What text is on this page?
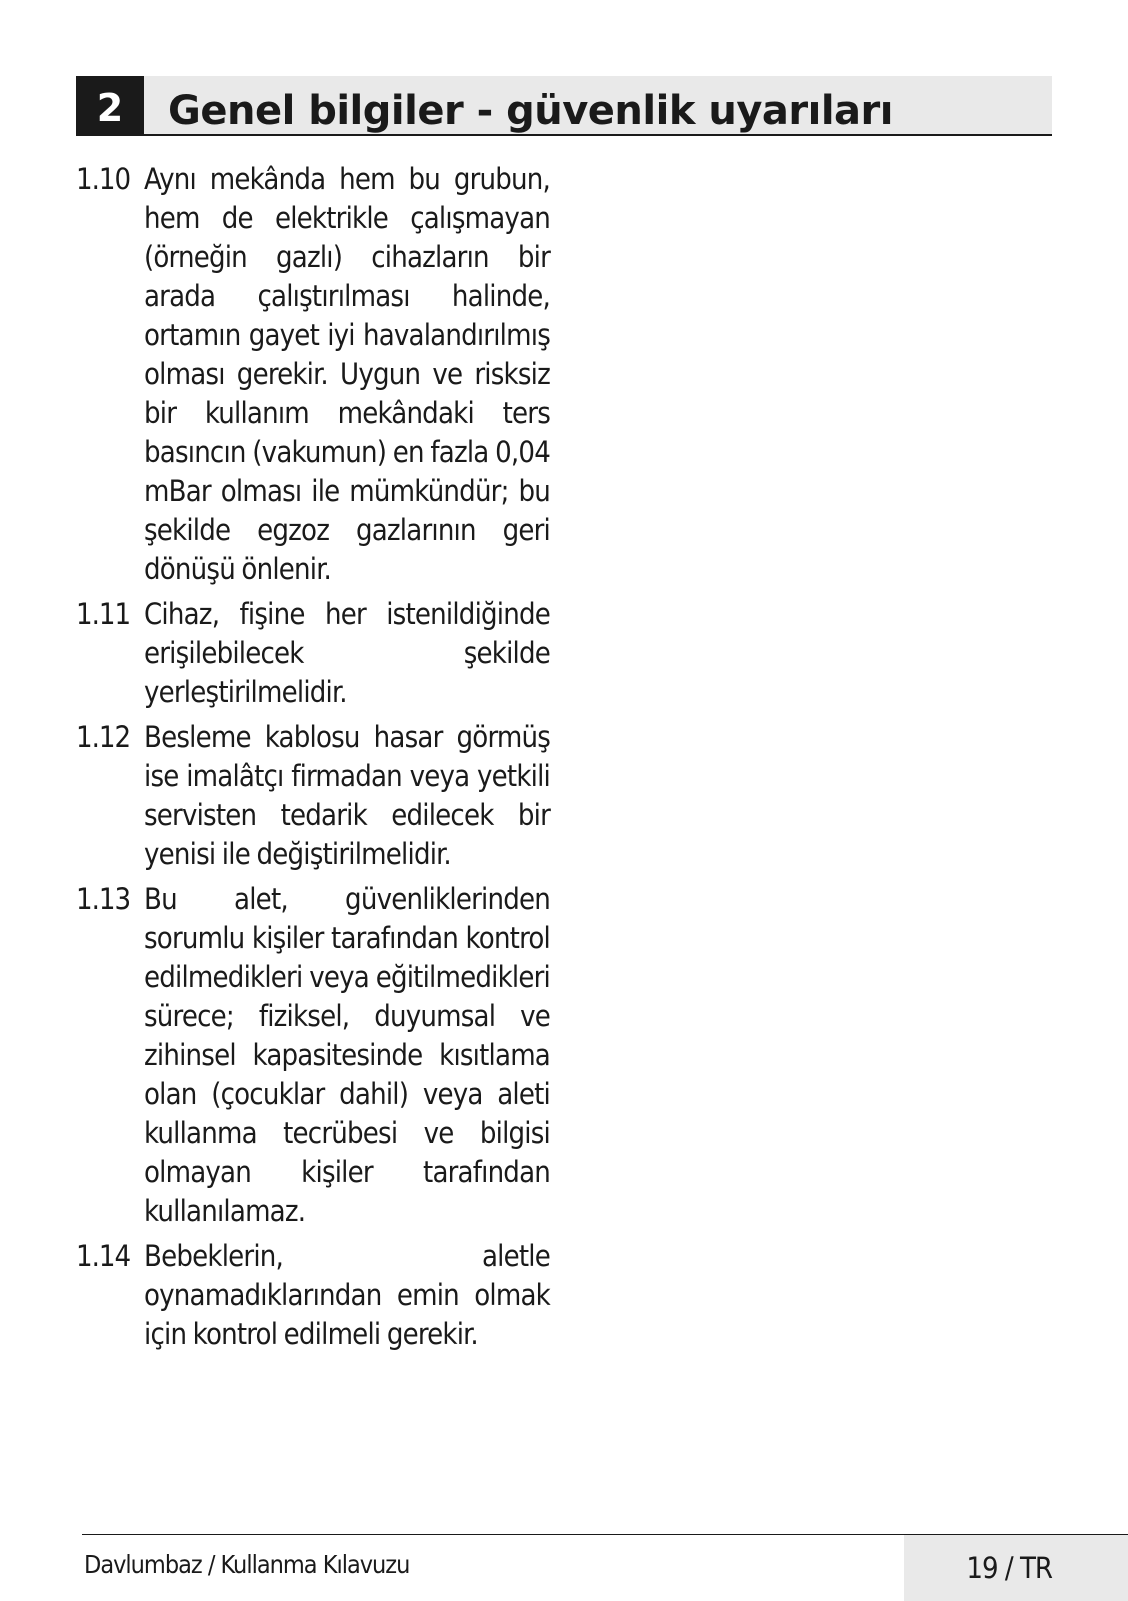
2	Genel bilgiler - güvenlik uyarıları
1.10 Aynı mekânda hem bu grubun, hem de elektrikle çalışmayan (örneğin gazlı) cihazların bir arada çalıştırılması halinde, ortamın gayet iyi havalandırılmış olması gerekir. Uygun ve risksiz bir kullanım mekândaki ters basıncın (vakumun) en fazla 0,04 mBar olması ile mümkündür; bu şekilde egzoz gazlarının geri dönüşü önlenir.
1.11 Cihaz, fişine her istenildiğinde erişilebilecek şekilde yerleştirilmelidir.
1.12 Besleme kablosu hasar görmüş ise imalâtçı firmadan veya yetkili servisten tedarik edilecek bir yenisi ile değiştirilmelidir.
1.13 Bu alet, güvenliklerinden sorumlu kişiler tarafından kontrol edilmedikleri veya eğitilmedikleri sürece; fiziksel, duyumsal ve zihinsel kapasitesinde kısıtlama olan (çocuklar dahil) veya aleti kullanma tecrübesi ve bilgisi olmayan kişiler tarafından kullanılamaz.
1.14 Bebeklerin, aletle oynamadıklarından emin olmak için kontrol edilmeli gerekir.
Davlumbaz / Kullanma Kılavuzu	19 / TR
